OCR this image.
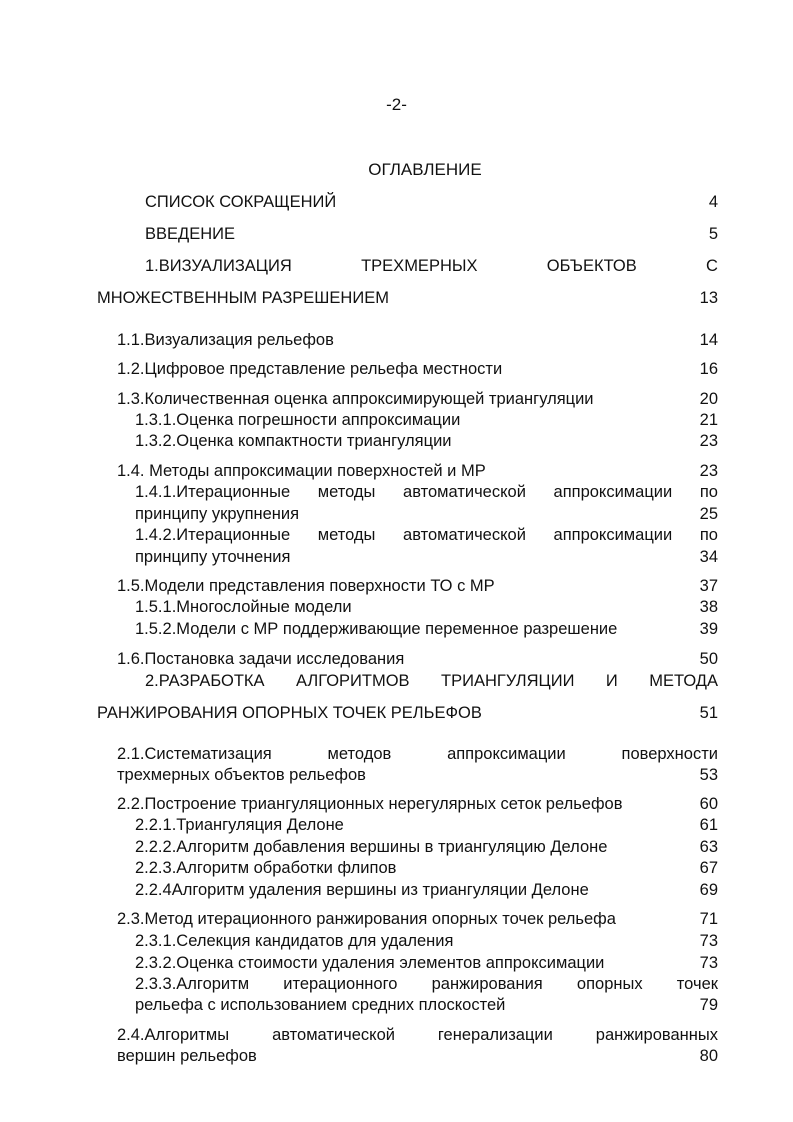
-2-
ОГЛАВЛЕНИЕ
СПИСОК СОКРАЩЕНИЙ	4
ВВЕДЕНИЕ	5
1.ВИЗУАЛИЗАЦИЯ	ТРЕХМЕРНЫХ	ОБЪЕКТОВ	С
МНОЖЕСТВЕННЫМ РАЗРЕШЕНИЕМ	13
1.1.Визуализация рельефов	14
1.2.Цифровое представление рельефа местности	16
1.3.Количественная оценка аппроксимирующей триангуляции	20
1.3.1.Оценка погрешности аппроксимации	21
1.3.2.Оценка компактности триангуляции	23
1.4. Методы аппроксимации поверхностей и МР	23
1.4.1.Итерационные методы автоматической аппроксимации по
принципу укрупнения	25
1.4.2.Итерационные методы автоматической аппроксимации по
принципу уточнения	34
1.5.Модели представления поверхности ТО с МР	37
1.5.1.Многослойные модели	38
1.5.2.Модели с МР поддерживающие переменное разрешение	39
1.6.Постановка задачи исследования	50
2.РАЗРАБОТКА АЛГОРИТМОВ ТРИАНГУЛЯЦИИ И МЕТОДА
РАНЖИРОВАНИЯ ОПОРНЫХ ТОЧЕК РЕЛЬЕФОВ	51
2.1.Систематизация	методов	аппроксимации	поверхности
трехмерных объектов рельефов	53
2.2.Построение триангуляционных нерегулярных сеток рельефов	60
2.2.1.Триангуляция Делоне	61
2.2.2.Алгоритм добавления вершины в триангуляцию Делоне	63
2.2.3.Алгоритм обработки флипов	67
2.2.4Алгоритм удаления вершины из триангуляции Делоне	69
2.3.Метод итерационного ранжирования опорных точек рельефа	71
2.3.1.Селекция кандидатов для удаления	73
2.3.2.Оценка стоимости удаления элементов аппроксимации	73
2.3.3.Алгоритм итерационного ранжирования опорных точек
рельефа с использованием средних плоскостей	79
2.4.Алгоритмы	автоматической	генерализации	ранжированных
вершин рельефов	80
